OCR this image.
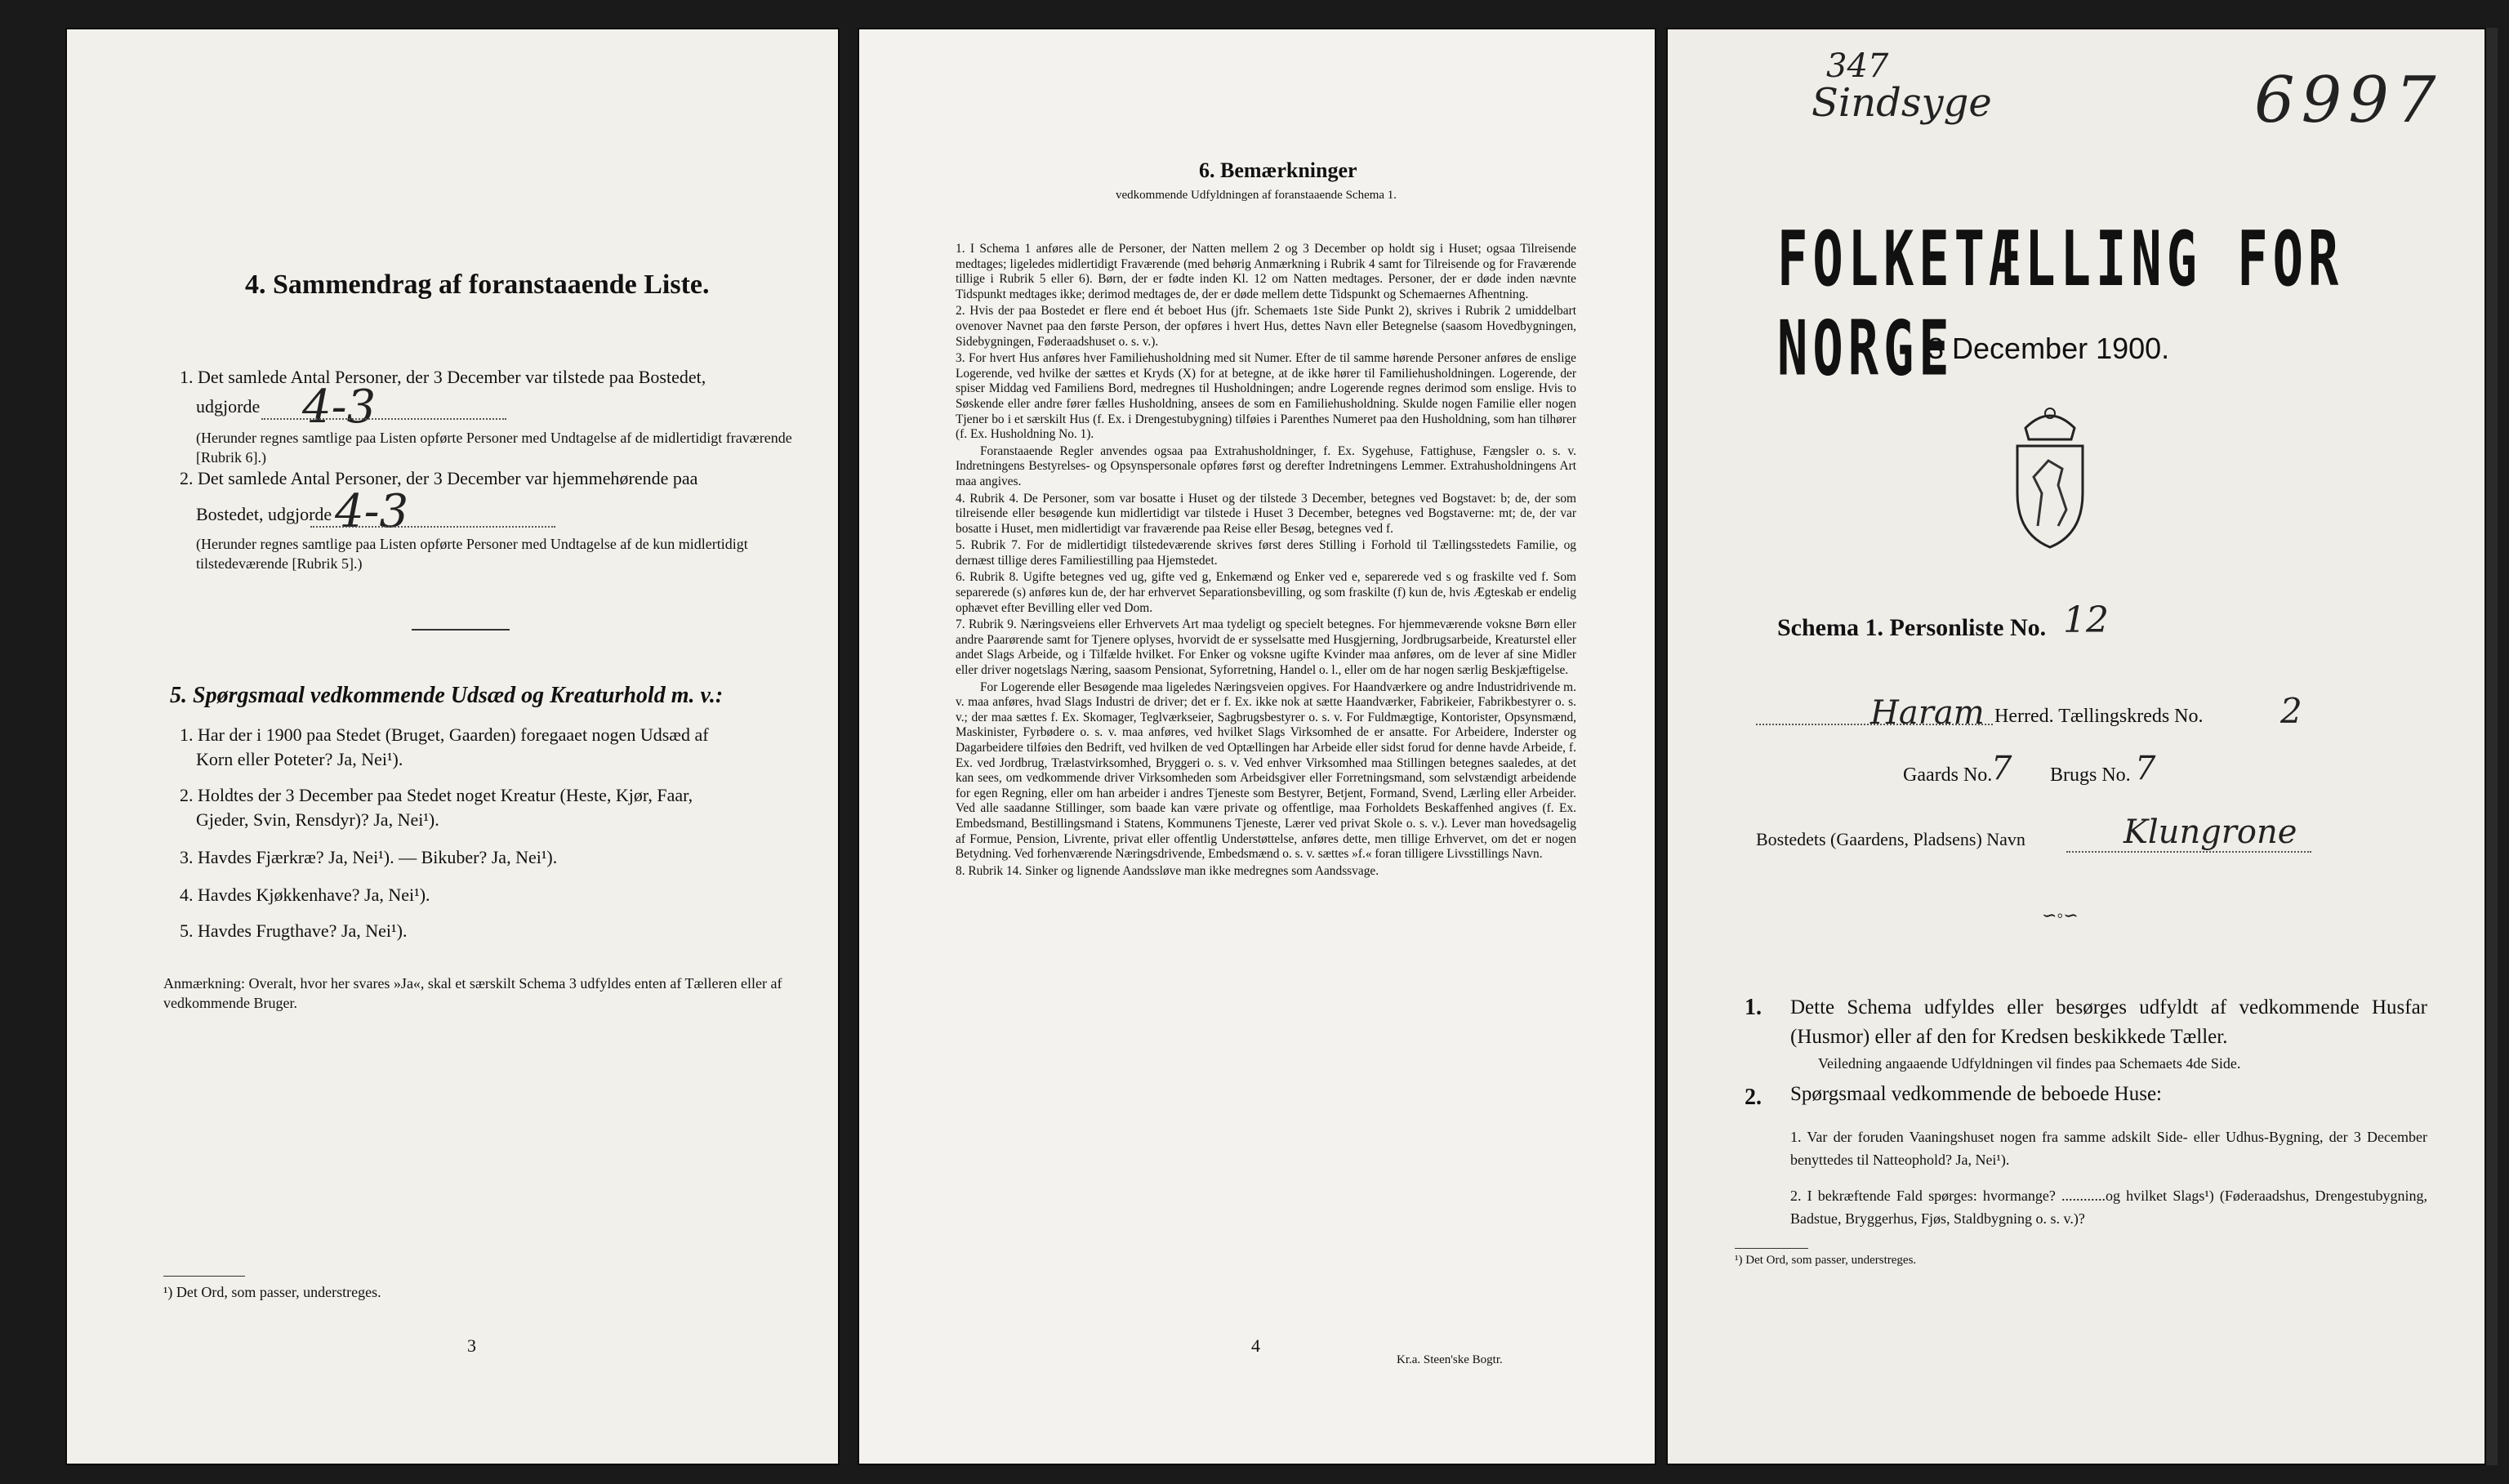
4. Sammendrag af foranstaaende Liste.
1. Det samlede Antal Personer, der 3 December var tilstede paa Bostedet,
udgjorde 4-3
(Herunder regnes samtlige paa Listen opførte Personer med Undtagelse af de midlertidigt fraværende [Rubrik 6].)
2. Det samlede Antal Personer, der 3 December var hjemmehørende paa
Bostedet, udgjorde 4-3
(Herunder regnes samtlige paa Listen opførte Personer med Undtagelse af de kun midlertidigt tilstedeværende [Rubrik 5].)
5. Spørgsmaal vedkommende Udsæd og Kreaturhold m. v.:
1. Har der i 1900 paa Stedet (Bruget, Gaarden) foregaaet nogen Udsæd af
Korn eller Poteter? Ja, Nei¹).
2. Holdtes der 3 December paa Stedet noget Kreatur (Heste, Kjør, Faar,
Gjeder, Svin, Rensdyr)? Ja, Nei¹).
3. Havdes Fjærkræ? Ja, Nei¹). — Bikuber? Ja, Nei¹).
4. Havdes Kjøkkenhave? Ja, Nei¹).
5. Havdes Frugthave? Ja, Nei¹).
Anmærkning: Overalt, hvor her svares »Ja«, skal et særskilt Schema 3 udfyldes enten af Tælleren eller af vedkommende Bruger.
¹) Det Ord, som passer, understreges.
3
6. Bemærkninger
vedkommende Udfyldningen af foranstaaende Schema 1.

1. I Schema 1 anføres alle de Personer, der Natten mellem 2 og 3 December op holdt sig i Huset; ogsaa Tilreisende medtages; ligeledes midlertidigt Fraværende (med behørig Anmærkning i Rubrik 4 samt for Tilreisende og for Fraværende tillige i Rubrik 5 eller 6). Børn, der er fødte inden Kl. 12 om Natten medtages. Personer, der er døde inden nævnte Tidspunkt medtages ikke; derimod medtages de, der er døde mellem dette Tidspunkt og Schemaernes Afhentning.

2. Hvis der paa Bostedet er flere end ét beboet Hus (jfr. Schemaets 1ste Side Punkt 2), skrives i Rubrik 2 umiddelbart ovenover Navnet paa den første Person, der opføres i hvert Hus, dettes Navn eller Betegnelse (saasom Hovedbygningen, Sidebygningen, Føderaadshuset o. s. v.).

3. For hvert Hus anføres hver Familiehusholdning med sit Numer. Efter de til samme hørende Personer anføres de enslige Logerende, ved hvilke der sættes et Kryds (X) for at betegne, at de ikke hører til Familiehusholdningen. Logerende, der spiser Middag ved Familiens Bord, medregnes til Husholdningen; andre Logerende regnes derimod som enslige. Hvis to Søskende eller andre fører fælles Husholdning, ansees de som en Familiehusholdning. Skulde nogen Familie eller nogen Tjener bo i et særskilt Hus (f. Ex. i Drengestubygning) tilføies i Parenthes Numeret paa den Husholdning, som han tilhører (f. Ex. Husholdning No. 1).

Foranstaaende Regler anvendes ogsaa paa Extrahusholdninger, f. Ex. Sygehuse, Fattighuse, Fængsler o. s. v. Indretningens Bestyrelses- og Opsynspersonale opføres først og derefter Indretningens Lemmer. Extrahusholdningens Art maa angives.

4. Rubrik 4. De Personer, som var bosatte i Huset og der tilstede 3 December, betegnes ved Bogstavet: b; de, der som tilreisende eller besøgende kun midlertidigt var tilstede i Huset 3 December, betegnes ved Bogstaverne: mt; de, der var bosatte i Huset, men midlertidigt var fraværende paa Reise eller Besøg, betegnes ved f.

5. Rubrik 7. For de midlertidigt tilstedeværende skrives først deres Stilling i Forhold til Tællingsstedets Familie, og dernæst tillige deres Familiestilling paa Hjemstedet.

6. Rubrik 8. Ugifte betegnes ved ug, gifte ved g, Enkemænd og Enker ved e, separerede ved s og fraskilte ved f. Som separerede (s) anføres kun de, der har erhvervet Separationsbevilling, og som fraskilte (f) kun de, hvis Ægteskab er endelig ophævet efter Bevilling eller ved Dom.

7. Rubrik 9. Næringsveiens eller Erhvervets Art maa tydeligt og specielt betegnes. For hjemmeværende voksne Børn eller andre Paarørende samt for Tjenere oplyses, hvorvidt de er sysselsatte med Husgjerning, Jordbrugsarbeide, Kreaturstel eller andet Slags Arbeide, og i Tilfælde hvilket. For Enker og voksne ugifte Kvinder maa anføres, om de lever af sine Midler eller driver nogetslags Næring, saasom Pensionat, Syforretning, Handel o. l., eller om de har nogen særlig Beskjæftigelse.

For Logerende eller Besøgende maa ligeledes Næringsveien opgives. For Haandværkere og andre Industridrivende m. v. maa anføres, hvad Slags Industri de driver; det er f. Ex. ikke nok at sætte Haandværker, Fabrikeier, Fabrikbestyrer o. s. v.; der maa sættes f. Ex. Skomager, Teglværkseier, Sagbrugsbestyrer o. s. v. For Fuldmægtige, Kontorister, Opsynsmænd, Maskinister, Fyrbødere o. s. v. maa anføres, ved hvilket Slags Virksomhed de er ansatte. For Arbeidere, Inderster og Dagarbeidere tilføies den Bedrift, ved hvilken de ved Optællingen har Arbeide eller sidst forud for denne havde Arbeide, f. Ex. ved Jordbrug, Trælastvirksomhed, Bryggeri o. s. v. Ved enhver Virksomhed maa Stillingen betegnes saaledes, at det kan sees, om vedkommende driver Virksomheden som Arbeidsgiver eller Forretningsmand, som selvstændigt arbeidende for egen Regning, eller om han arbeider i andres Tjeneste som Bestyrer, Betjent, Formand, Svend, Lærling eller Arbeider. Ved alle saadanne Stillinger, som baade kan være private og offentlige, maa Forholdets Beskaffenhed angives (f. Ex. Embedsmand, Bestillingsmand i Statens, Kommunens Tjeneste, Lærer ved privat Skole o. s. v.). Lever man hovedsagelig af Formue, Pension, Livrente, privat eller offentlig Understøttelse, anføres dette, men tillige Erhvervet, om det er nogen Betydning. Ved forhenværende Næringsdrivende, Embedsmænd o. s. v. sættes »f.« foran tilligere Livsstillings Navn.

8. Rubrik 14. Sinker og lignende Aandssløve man ikke medregnes som Aandssvage.

4
Kr.a. Steen'ske Bogtr.
347
Sindsyge	6997
FOLKETÆLLING FOR NORGE
3 December 1900.
Schema 1. Personliste No. 12
Haram Herred. Tællingskreds No. 2
Gaards No.
7 Brugs No. 7
Bostedets (Gaardens, Pladsens) Navn	Klungrone
∽◦∽
1. Dette Schema udfyldes eller besørges udfyldt af vedkommende Husfar (Husmor) eller af den for Kredsen beskikkede Tæller.
Veiledning angaaende Udfyldningen vil findes paa Schemaets 4de Side.
2. Spørgsmaal vedkommende de beboede Huse:
1. Var der foruden Vaaningshuset nogen fra samme adskilt Side- eller Udhus-Bygning, der 3 December benyttedes til Natteophold? Ja, Nei¹).
2. I bekræftende Fald spørges: hvormange? ............og hvilket Slags¹) (Føderaadshus, Drengestubygning, Badstue, Bryggerhus, Fjøs, Staldbygning o. s. v.)?
¹) Det Ord, som passer, understreges.
